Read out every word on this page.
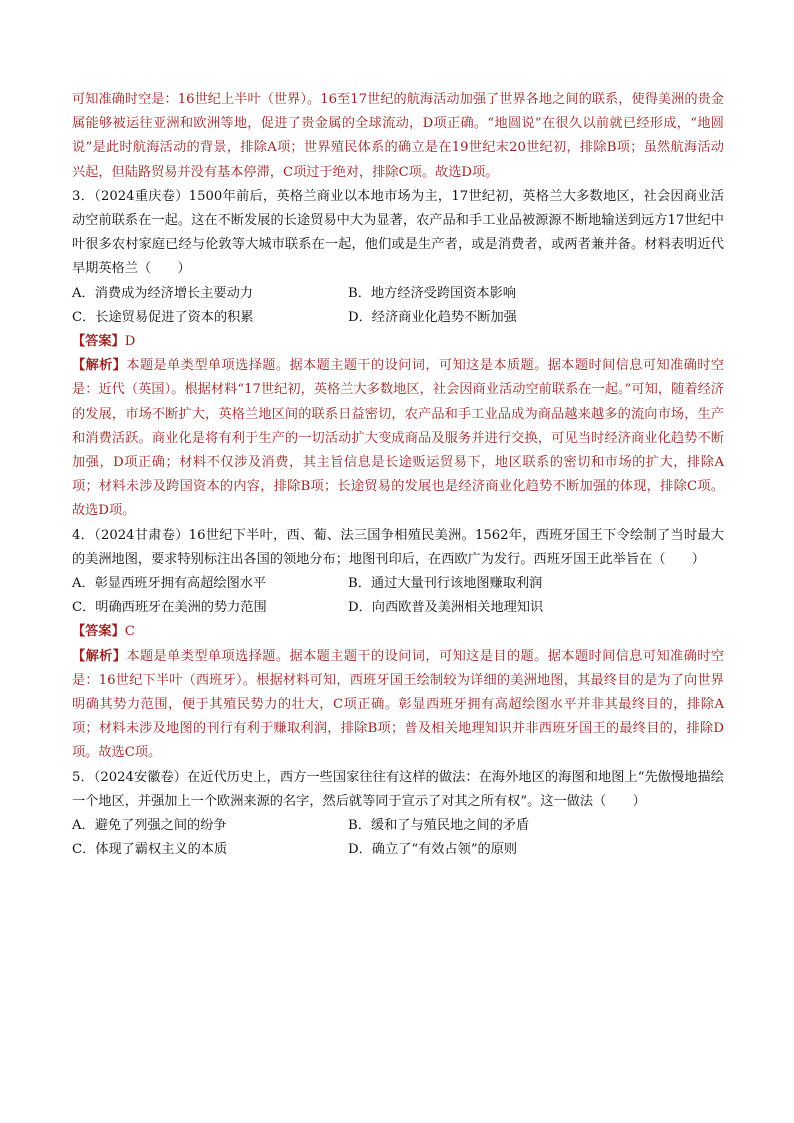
可知准确时空是：16世纪上半叶（世界）。16至17世纪的航海活动加强了世界各地之间的联系，使得美洲的贵金属能够被运往亚洲和欧洲等地，促进了贵金属的全球流动，D项正确。“地圆说”在很久以前就已经形成，“地圆说”是此时航海活动的背景，排除A项；世界殖民体系的确立是在19世纪末20世纪初，排除B项；虽然航海活动兴起，但陆路贸易并没有基本停滞，C项过于绝对，排除C项。故选D项。

3．（2024重庆卷）1500年前后，英格兰商业以本地市场为主，17世纪初，英格兰大多数地区，社会因商业活动空前联系在一起。这在不断发展的长途贸易中大为显著，农产品和手工业品被源源不断地输送到远方17世纪中叶很多农村家庭已经与伦敦等大城市联系在一起，他们或是生产者，或是消费者，或两者兼并备。材料表明近代早期英格兰（　　）

A．消费成为经济增长主要动力	B．地方经济受跨国资本影响
C．长途贸易促进了资本的积累	D．经济商业化趋势不断加强

【答案】D

【解析】本题是单类型单项选择题。据本题主题干的设问词，可知这是本质题。据本题时间信息可知准确时空是：近代（英国）。根据材料“17世纪初，英格兰大多数地区，社会因商业活动空前联系在一起。”可知，随着经济的发展，市场不断扩大，英格兰地区间的联系日益密切，农产品和手工业品成为商品越来越多的流向市场，生产和消费活跃。商业化是将有利于生产的一切活动扩大变成商品及服务并进行交换，可见当时经济商业化趋势不断加强，D项正确；材料不仅涉及消费，其主旨信息是长途贩运贸易下，地区联系的密切和市场的扩大，排除A项；材料未涉及跨国资本的内容，排除B项；长途贸易的发展也是经济商业化趋势不断加强的体现，排除C项。故选D项。

4．（2024甘肃卷）16世纪下半叶，西、葡、法三国争相殖民美洲。1562年，西班牙国王下令绘制了当时最大的美洲地图，要求特别标注出各国的领地分布；地图刊印后，在西欧广为发行。西班牙国王此举旨在（　　）

A．彰显西班牙拥有高超绘图水平	B．通过大量刊行该地图赚取利润
C．明确西班牙在美洲的势力范围	D．向西欧普及美洲相关地理知识

【答案】C

【解析】本题是单类型单项选择题。据本题主题干的设问词，可知这是目的题。据本题时间信息可知准确时空是：16世纪下半叶（西班牙）。根据材料可知，西班牙国王绘制较为详细的美洲地图，其最终目的是为了向世界明确其势力范围，便于其殖民势力的壮大，C项正确。彰显西班牙拥有高超绘图水平并非其最终目的，排除A项；材料未涉及地图的刊行有利于赚取利润，排除B项；普及相关地理知识并非西班牙国王的最终目的，排除D项。故选C项。

5．（2024安徽卷）在近代历史上，西方一些国家往往有这样的做法：在海外地区的海图和地图上“先傲慢地描绘一个地区，并强加上一个欧洲来源的名字，然后就等同于宣示了对其之所有权”。这一做法（　　）

A．避免了列强之间的纷争	B．缓和了与殖民地之间的矛盾
C．体现了霸权主义的本质	D．确立了“有效占领”的原则
